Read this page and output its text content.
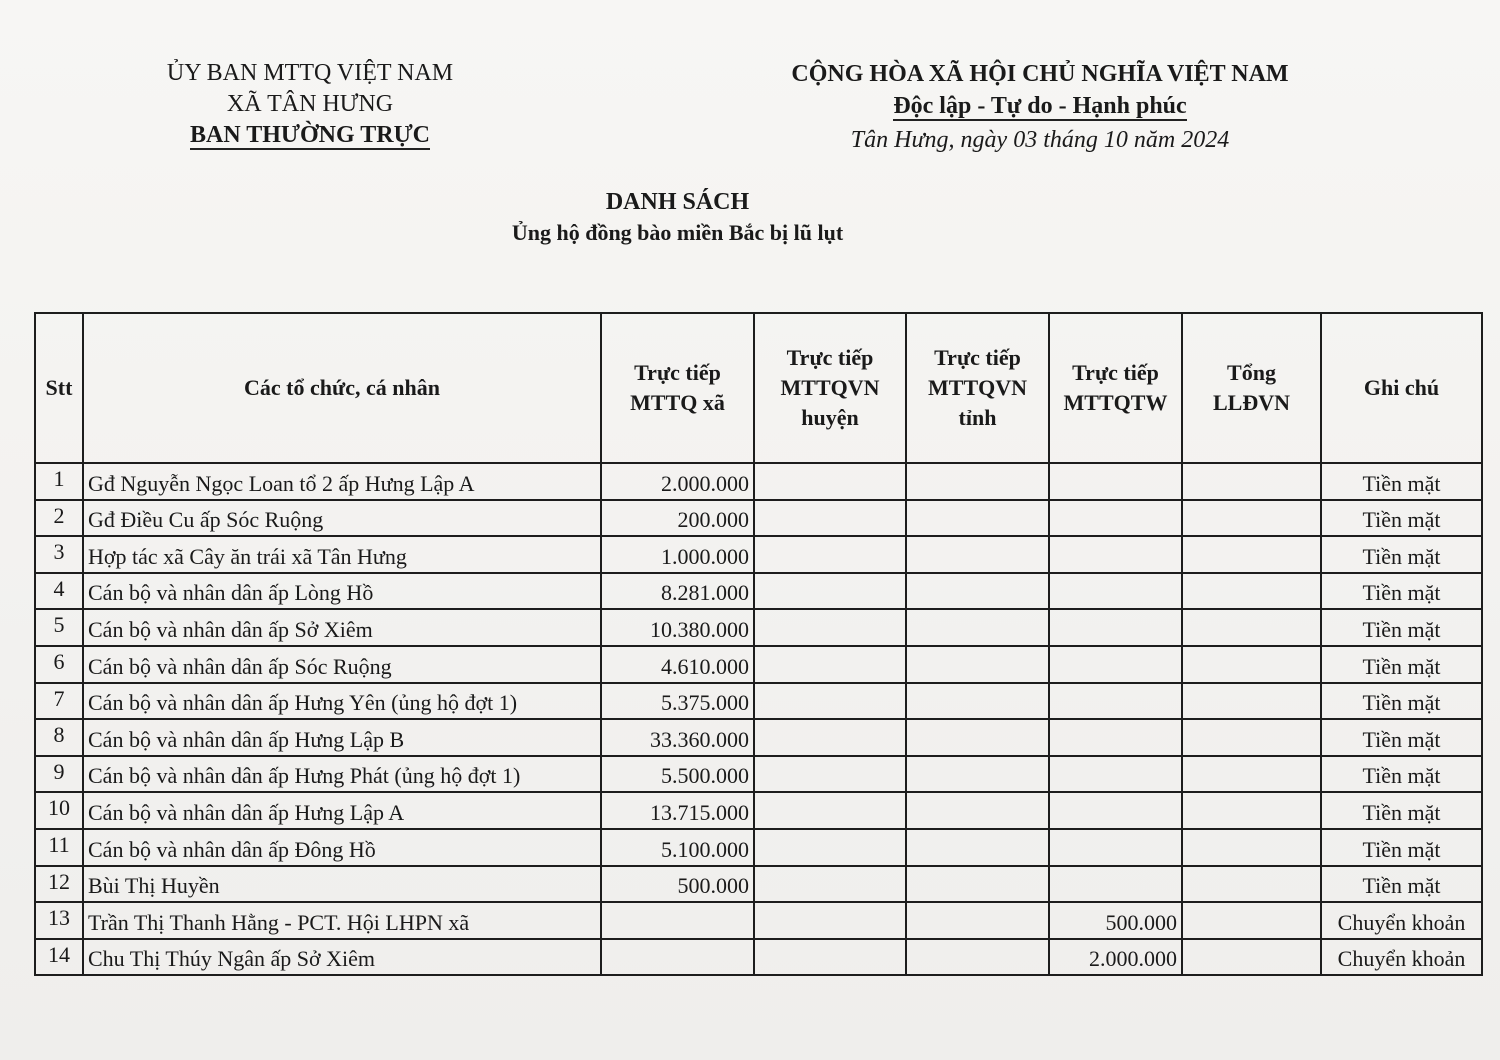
ỦY BAN MTTQ VIỆT NAM
XÃ TÂN HƯNG
BAN THƯỜNG TRỰC
CỘNG HÒA XÃ HỘI CHỦ NGHĨA VIỆT NAM
Độc lập - Tự do - Hạnh phúc
Tân Hưng, ngày 03 tháng 10 năm 2024
DANH SÁCH
Ủng hộ đồng bào miền Bắc bị lũ lụt
Stt	Các tổ chức, cá nhân	Trực tiếp MTTQ xã	Trực tiếp MTTQVN huyện	Trực tiếp MTTQVN tỉnh	Trực tiếp MTTQTW	Tổng LLĐVN	Ghi chú
1	Gđ Nguyễn Ngọc Loan tổ 2 ấp Hưng Lập A	2.000.000					Tiền mặt
2	Gđ Điều Cu ấp Sóc Ruộng	200.000					Tiền mặt
3	Hợp tác xã Cây ăn trái xã Tân Hưng	1.000.000					Tiền mặt
4	Cán bộ và nhân dân ấp Lòng Hồ	8.281.000					Tiền mặt
5	Cán bộ và nhân dân ấp Sở Xiêm	10.380.000					Tiền mặt
6	Cán bộ và nhân dân ấp Sóc Ruộng	4.610.000					Tiền mặt
7	Cán bộ và nhân dân ấp Hưng Yên (ủng hộ đợt 1)	5.375.000					Tiền mặt
8	Cán bộ và nhân dân ấp Hưng Lập B	33.360.000					Tiền mặt
9	Cán bộ và nhân dân ấp Hưng Phát (ủng hộ đợt 1)	5.500.000					Tiền mặt
10	Cán bộ và nhân dân ấp Hưng Lập A	13.715.000					Tiền mặt
11	Cán bộ và nhân dân ấp Đông Hồ	5.100.000					Tiền mặt
12	Bùi Thị Huyền	500.000					Tiền mặt
13	Trần Thị Thanh Hằng - PCT. Hội LHPN xã				500.000		Chuyển khoản
14	Chu Thị Thúy Ngân ấp Sở Xiêm				2.000.000		Chuyển khoản
